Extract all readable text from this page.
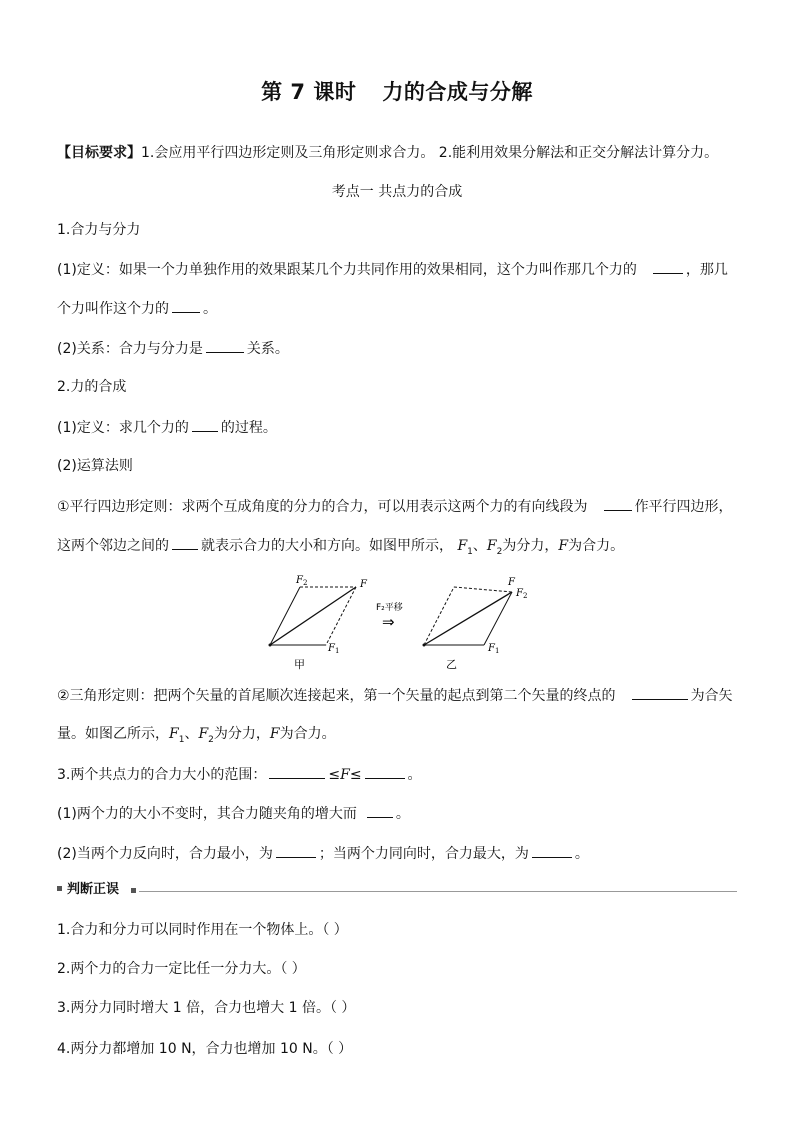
第 7 课时 力的合成与分解
【目标要求】1.会应用平行四边形定则及三角形定则求合力。 2.能利用效果分解法和正交分解法计算分力。
考点一 共点力的合成
1.合力与分力
(1)定义：如果一个力单独作用的效果跟某几个力共同作用的效果相同，这个力叫作那几个力的	，那几
个力叫作这个力的 。
(2)关系：合力与分力是	关系。
2.力的合成
(1)定义：求几个力的 的过程。
(2)运算法则
①平行四边形定则：求两个互成角度的分力的合力，可以用表示这两个力的有向线段为	作平行四边形，
这两个邻边之间的 就表示合力的大小和方向。如图甲所示， $F_1$、$F_2$为分力，F为合力。
$F_2$	F
$F_1$
甲
F₂平移
⇒
F
$F_2$
$F_1$
乙
②三角形定则：把两个矢量的首尾顺次连接起来，第一个矢量的起点到第二个矢量的终点的	为合矢
量。如图乙所示，$F_1$、$F_2$为分力，F为合力。
3.两个共点力的合力大小的范围：	≤F≤	。
(1)两个力的大小不变时，其合力随夹角的增大而	。
(2)当两个力反向时，合力最小，为	；当两个力同向时，合力最大，为	。
判断正误
1.合力和分力可以同时作用在一个物体上。（ ）
2.两个力的合力一定比任一分力大。（ ）
3.两分力同时增大 1 倍，合力也增大 1 倍。（ ）
4.两分力都增加 10 N，合力也增加 10 N。（ ）
